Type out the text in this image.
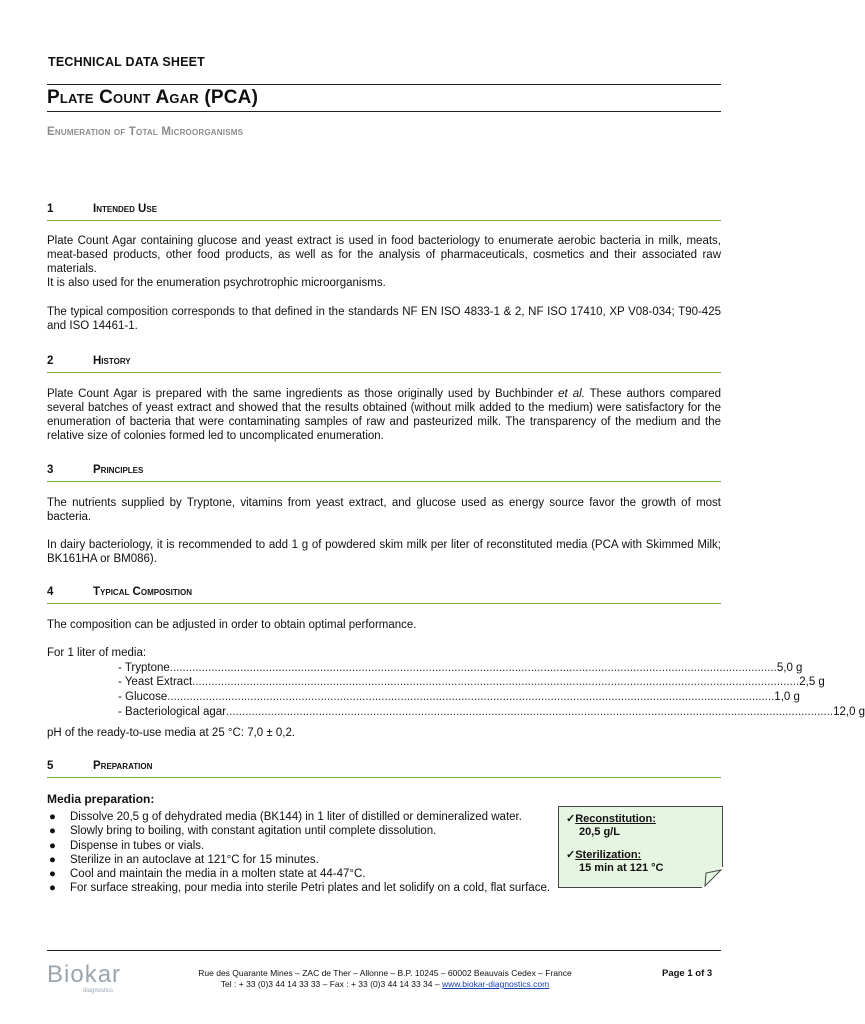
TECHNICAL DATA SHEET
Plate Count Agar (PCA)
Enumeration of Total Microorganisms
1	Intended Use

Plate Count Agar containing glucose and yeast extract is used in food bacteriology to enumerate aerobic bacteria in milk, meats, meat-based products, other food products, as well as for the analysis of pharmaceuticals, cosmetics and their associated raw materials.

It is also used for the enumeration psychrotrophic microorganisms.

The typical composition corresponds to that defined in the standards NF EN ISO 4833-1 & 2, NF ISO 17410, XP V08-034; T90-425 and ISO 14461-1.
2	History
Plate Count Agar is prepared with the same ingredients as those originally used by Buchbinder et al. These authors compared several batches of yeast extract and showed that the results obtained (without milk added to the medium) were satisfactory for the enumeration of bacteria that were contaminating samples of raw and pasteurized milk. The transparency of the medium and the relative size of colonies formed led to uncomplicated enumeration.
3	Principles
The nutrients supplied by Tryptone, vitamins from yeast extract, and glucose used as energy source favor the growth of most bacteria.
In dairy bacteriology, it is recommended to add 1 g of powdered skim milk per liter of reconstituted media (PCA with Skimmed Milk; BK161HA or BM086).
4	Typical Composition
The composition can be adjusted in order to obtain optimal performance.
For 1 liter of media:
- Tryptone .............................................................................................................................................................................................. 5,0 g
- Yeast Extract .............................................................................................................................................................................................. 2,5 g
- Glucose .............................................................................................................................................................................................. 1,0 g
- Bacteriological agar .............................................................................................................................................................................................. 12,0 g
pH of the ready-to-use media at 25 °C: 7,0 ± 0,2.
5	Preparation
Media preparation:
● Dissolve 20,5 g of dehydrated media (BK144) in 1 liter of distilled or demineralized water.
● Slowly bring to boiling, with constant agitation until complete dissolution.
● Dispense in tubes or vials.
● Sterilize in an autoclave at 121°C for 15 minutes.
● Cool and maintain the media in a molten state at 44-47°C.
● For surface streaking, pour media into sterile Petri plates and let solidify on a cold, flat surface.
✓Reconstitution:
20,5 g/L
✓Sterilization:
15 min at 121 °C
Biokar
diagnostics
Rue des Quarante Mines – ZAC de Ther – Allonne – B.P. 10245 – 60002 Beauvais Cedex – France
Tel : + 33 (0)3 44 14 33 33 – Fax : + 33 (0)3 44 14 33 34 – www.biokar-diagnostics.com
Page 1 of 3
